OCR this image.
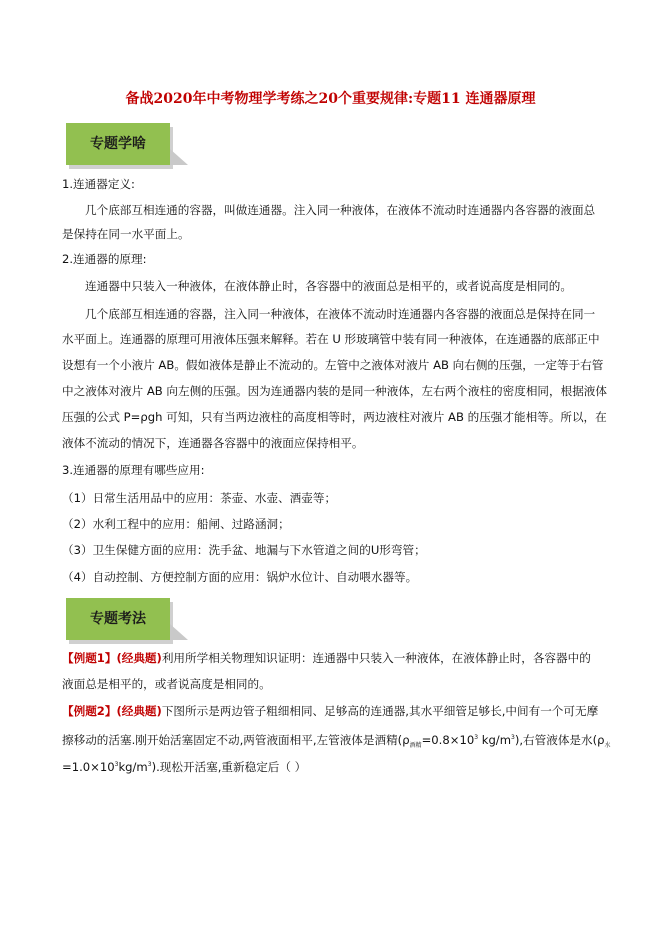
备战2020年中考物理学考练之20个重要规律:专题11 连通器原理
专题学啥
1.连通器定义:
几个底部互相连通的容器，叫做连通器。注入同一种液体，在液体不流动时连通器内各容器的液面总
是保持在同一水平面上。
2.连通器的原理:
连通器中只装入一种液体，在液体静止时，各容器中的液面总是相平的，或者说高度是相同的。
几个底部互相连通的容器，注入同一种液体，在液体不流动时连通器内各容器的液面总是保持在同一
水平面上。连通器的原理可用液体压强来解释。若在 U 形玻璃管中装有同一种液体，在连通器的底部正中
设想有一个小液片 AB。假如液体是静止不流动的。左管中之液体对液片 AB 向右侧的压强，一定等于右管
中之液体对液片 AB 向左侧的压强。因为连通器内装的是同一种液体，左右两个液柱的密度相同，根据液体
压强的公式 P=ρgh 可知，只有当两边液柱的高度相等时，两边液柱对液片 AB 的压强才能相等。所以，在
液体不流动的情况下，连通器各容器中的液面应保持相平。
3.连通器的原理有哪些应用:
（1）日常生活用品中的应用：茶壶、水壶、酒壶等；
（2）水利工程中的应用：船闸、过路涵洞；
（3）卫生保健方面的应用：洗手盆、地漏与下水管道之间的U形弯管；
（4）自动控制、方便控制方面的应用：锅炉水位计、自动喂水器等。
专题考法
【例题1】(经典题)利用所学相关物理知识证明：连通器中只装入一种液体，在液体静止时，各容器中的
液面总是相平的，或者说高度是相同的。
【例题2】(经典题)下图所示是两边管子粗细相同、足够高的连通器,其水平细管足够长,中间有一个可无摩
擦移动的活塞.刚开始活塞固定不动,两管液面相平,左管液体是酒精($\rho_{酒精}=0.8\times 10^3$ $kg/m^3$),右管液体是水($\rho_水$
$=1.0\times 10^3kg/m^3$).现松开活塞,重新稳定后（ ）
